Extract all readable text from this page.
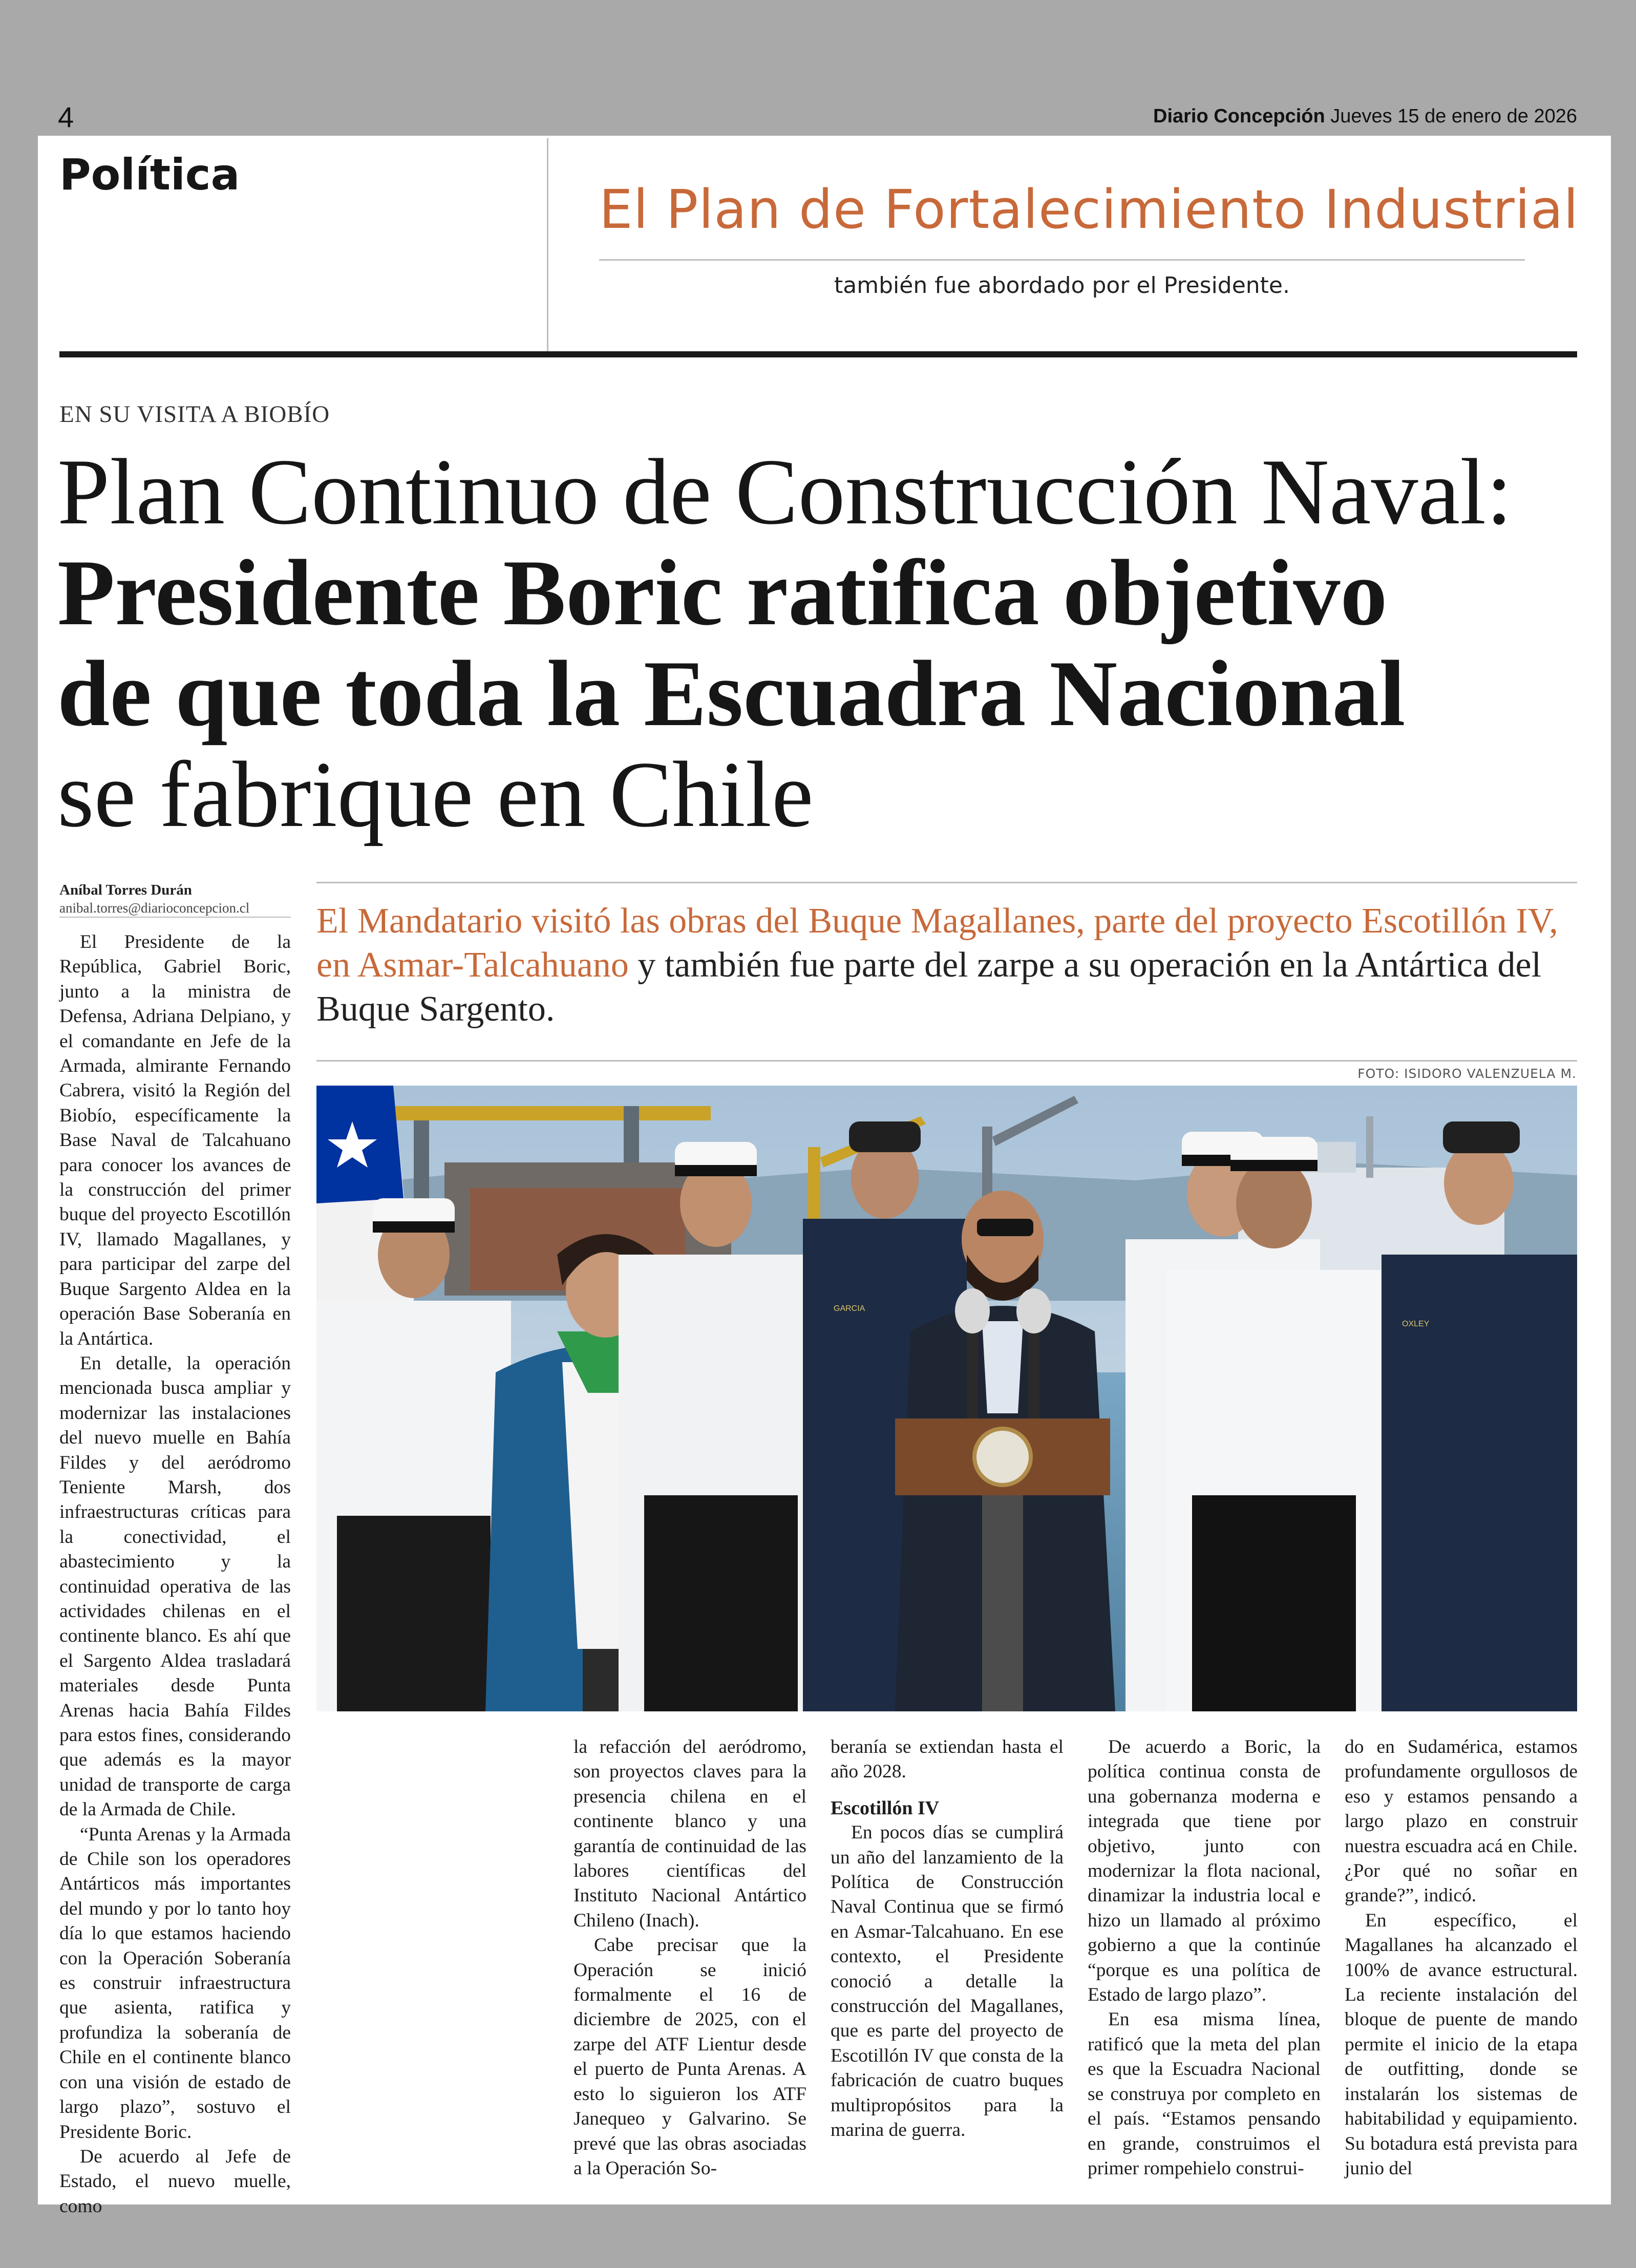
4	Diario Concepción Jueves 15 de enero de 2026
Política
El Plan de Fortalecimiento Industrial
también fue abordado por el Presidente.
EN SU VISITA A BIOBÍO
Plan Continuo de Construcción Naval:
Presidente Boric ratifica objetivo
de que toda la Escuadra Nacional
se fabrique en Chile
Aníbal Torres Durán
anibal.torres@diarioconcepcion.cl El Mandatario visitó las obras del Buque Magallanes, parte del proyecto Escotillón IV, en Asmar-Talcahuano y también fue parte del zarpe a su operación en la Antártica del Buque Sargento.
FOTO: ISIDORO VALENZUELA M.
GARCIA
OXLEY

El Presidente de la República, Gabriel Boric, junto a la ministra de Defensa, Adriana Delpiano, y el comandante en Jefe de la Armada, almirante Fernando Cabrera, visitó la Región del Biobío, específicamente la Base Naval de Talcahuano para conocer los avances de la construcción del primer buque del proyecto Escotillón IV, llamado Magallanes, y para participar del zarpe del Buque Sargento Aldea en la operación Base Soberanía en la Antártica.

En detalle, la operación mencionada busca ampliar y modernizar las instalaciones del nuevo muelle en Bahía Fildes y del aeródromo Teniente Marsh, dos infraestructuras críticas para la conectividad, el abastecimiento y la continuidad operativa de las actividades chilenas en el continente blanco. Es ahí que el Sargento Aldea trasladará materiales desde Punta Arenas hacia Bahía Fildes para estos fines, considerando que además es la mayor unidad de transporte de carga de la Armada de Chile.

“Punta Arenas y la Armada de Chile son los operadores Antárticos más importantes del mundo y por lo tanto hoy día lo que estamos haciendo con la Operación Soberanía es construir infraestructura que asienta, ratifica y profundiza la soberanía de Chile en el continente blanco con una visión de estado de largo plazo”, sostuvo el Presidente Boric.

De acuerdo al Jefe de Estado, el nuevo muelle, como

la refacción del aeródromo, son proyectos claves para la presencia chilena en el continente blanco y una garantía de continuidad de las labores científicas del Instituto Nacional Antártico Chileno (Inach).

Cabe precisar que la Operación se inició formalmente el 16 de diciembre de 2025, con el zarpe del ATF Lientur desde el puerto de Punta Arenas. A esto lo siguieron los ATF Janequeo y Galvarino. Se prevé que las obras asociadas a la Operación So-

beranía se extiendan hasta el año 2028.

Escotillón IV

En pocos días se cumplirá un año del lanzamiento de la Política de Construcción Naval Continua que se firmó en Asmar-Talcahuano. En ese contexto, el Presidente conoció a detalle la construcción del Magallanes, que es parte del proyecto de Escotillón IV que consta de la fabricación de cuatro buques multipropósitos para la marina de guerra.

De acuerdo a Boric, la política continua consta de una gobernanza moderna e integrada que tiene por objetivo, junto con modernizar la flota nacional, dinamizar la industria local e hizo un llamado al próximo gobierno a que la continúe “porque es una política de Estado de largo plazo”.

En esa misma línea, ratificó que la meta del plan es que la Escuadra Nacional se construya por completo en el país. “Estamos pensando en grande, construimos el primer rompehielo construi-

do en Sudamérica, estamos profundamente orgullosos de eso y estamos pensando a largo plazo en construir nuestra escuadra acá en Chile. ¿Por qué no soñar en grande?”, indicó.

En específico, el Magallanes ha alcanzado el 100% de avance estructural. La reciente instalación del bloque de puente de mando permite el inicio de la etapa de outfitting, donde se instalarán los sistemas de habitabilidad y equipamiento. Su botadura está prevista para junio del
